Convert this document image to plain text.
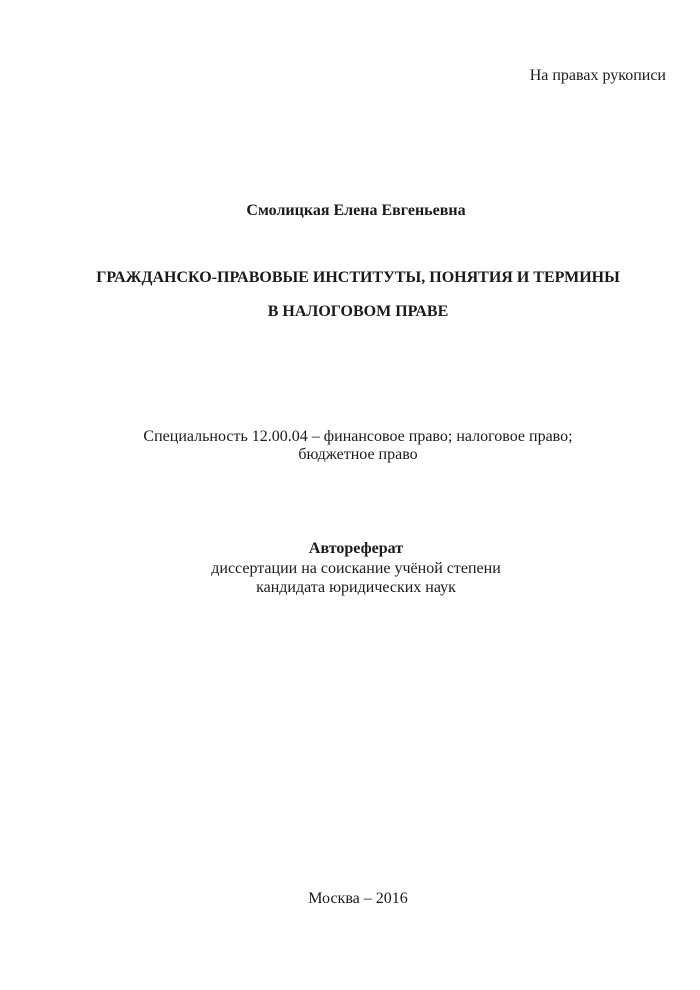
На правах рукописи
Смолицкая Елена Евгеньевна
ГРАЖДАНСКО-ПРАВОВЫЕ ИНСТИТУТЫ, ПОНЯТИЯ И ТЕРМИНЫ
В НАЛОГОВОМ ПРАВЕ
Специальность 12.00.04 – финансовое право; налоговое право;
бюджетное право
Автореферат
диссертации на соискание учёной степени
кандидата юридических наук
Москва – 2016
